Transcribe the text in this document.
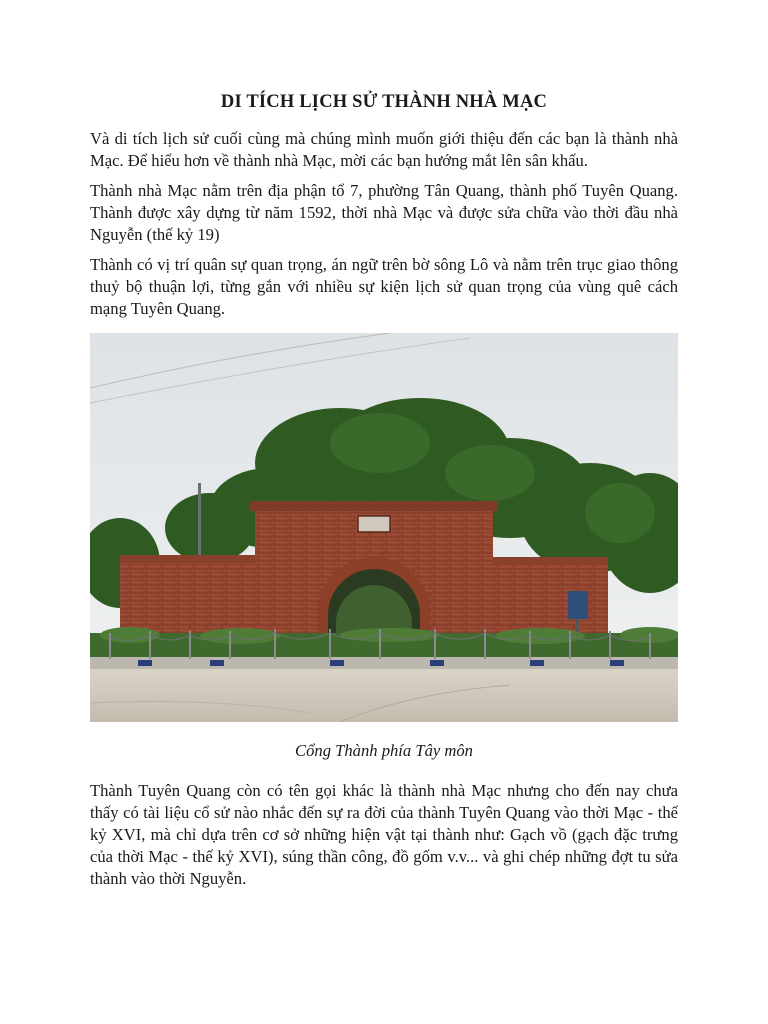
DI TÍCH LỊCH SỬ THÀNH NHÀ MẠC

Và di tích lịch sử cuối cùng mà chúng mình muốn giới thiệu đến các bạn là thành nhà Mạc. Để hiểu hơn về thành nhà Mạc, mời các bạn hướng mắt lên sân khấu.

Thành nhà Mạc nằm trên địa phận tổ 7, phường Tân Quang, thành phố Tuyên Quang. Thành được xây dựng từ năm 1592, thời nhà Mạc và được sửa chữa vào thời đầu nhà Nguyễn (thế kỷ 19)

Thành có vị trí quân sự quan trọng, án ngữ trên bờ sông Lô và nằm trên trục giao thông thuỷ bộ thuận lợi, từng gắn với nhiều sự kiện lịch sử quan trọng của vùng quê cách mạng Tuyên Quang.

Cổng Thành phía Tây môn

Thành Tuyên Quang còn có tên gọi khác là thành nhà Mạc nhưng cho đến nay chưa thấy có tài liệu cổ sử nào nhắc đến sự ra đời của thành Tuyên Quang vào thời Mạc - thế kỷ XVI, mà chỉ dựa trên cơ sở những hiện vật tại thành như: Gạch vồ (gạch đặc trưng của thời Mạc - thế kỷ XVI), súng thần công, đồ gốm v.v... và ghi chép những đợt tu sửa thành vào thời Nguyễn.
